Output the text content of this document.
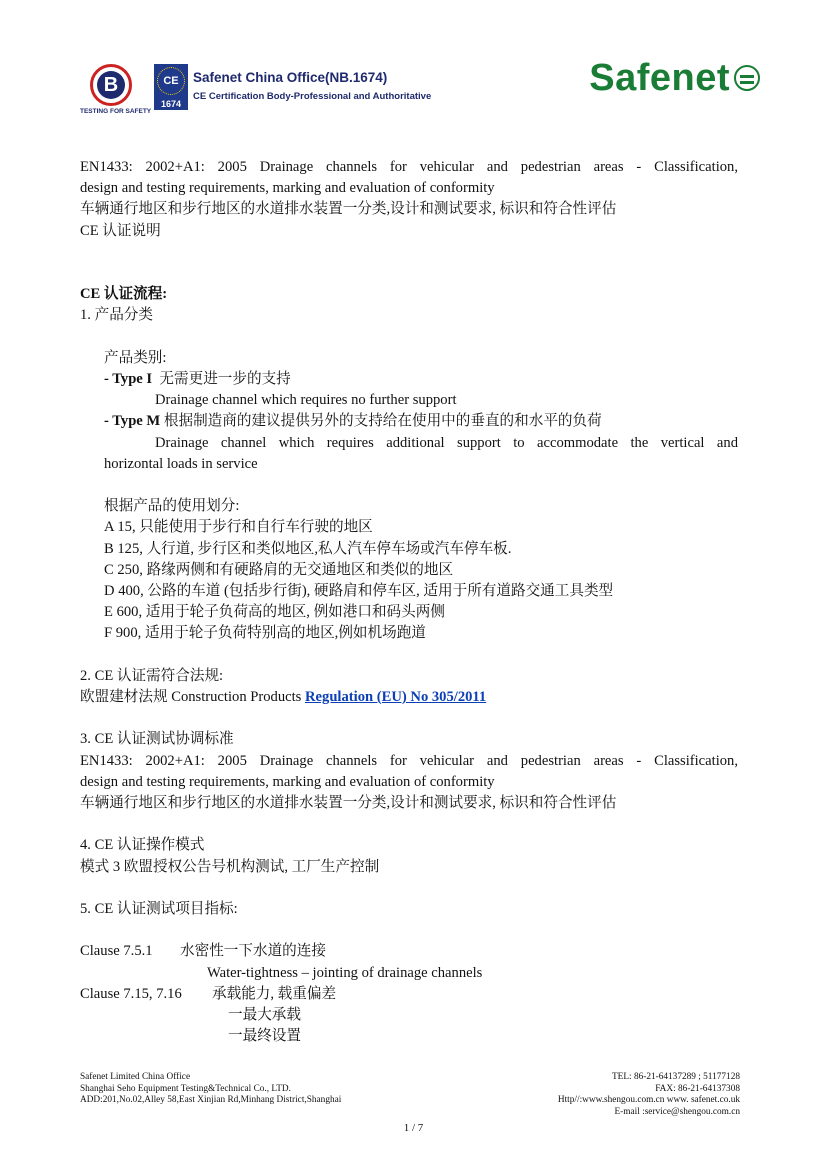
B
TESTING FOR SAFETY
CE
1674
Safenet China Office(NB.1674)
CE Certification Body-Professional and Authoritative	Safenet
EN1433: 2002+A1: 2005 Drainage channels for vehicular and pedestrian areas - Classification,
design and testing requirements, marking and evaluation of conformity
车辆通行地区和步行地区的水道排水装置一分类,设计和测试要求, 标识和符合性评估
CE 认证说明
CE 认证流程:
1. 产品分类
产品类别:
- Type I 无需更进一步的支持
Drainage channel which requires no further support
- Type M 根据制造商的建议提供另外的支持给在使用中的垂直的和水平的负荷
Drainage channel which requires additional support to accommodate the vertical and
horizontal loads in service
根据产品的使用划分:
A 15, 只能使用于步行和自行车行驶的地区
B 125, 人行道, 步行区和类似地区,私人汽车停车场或汽车停车板.
C 250, 路缘两侧和有硬路肩的无交通地区和类似的地区
D 400, 公路的车道 (包括步行街), 硬路肩和停车区, 适用于所有道路交通工具类型
E 600, 适用于轮子负荷高的地区, 例如港口和码头两侧
F 900, 适用于轮子负荷特别高的地区,例如机场跑道
2. CE 认证需符合法规:
欧盟建材法规 Construction Products Regulation (EU) No 305/2011
3. CE 认证测试协调标准
EN1433: 2002+A1: 2005 Drainage channels for vehicular and pedestrian areas - Classification,
design and testing requirements, marking and evaluation of conformity
车辆通行地区和步行地区的水道排水装置一分类,设计和测试要求, 标识和符合性评估
4. CE 认证操作模式
模式 3 欧盟授权公告号机构测试, 工厂生产控制
5. CE 认证测试项目指标:
Clause 7.5.1 水密性一下水道的连接
Water-tightness – jointing of drainage channels
Clause 7.15, 7.16 承载能力, 载重偏差
一最大承载
一最终设置
Safenet Limited China Office
Shanghai Seho Equipment Testing&Technical Co., LTD.
ADD:201,No.02,Alley 58,East Xinjian Rd,Minhang District,Shanghai
TEL: 86-21-64137289 ; 51177128
FAX: 86-21-64137308
Http//:www.shengou.com.cn www. safenet.co.uk
E-mail :service@shengou.com.cn
1 / 7
